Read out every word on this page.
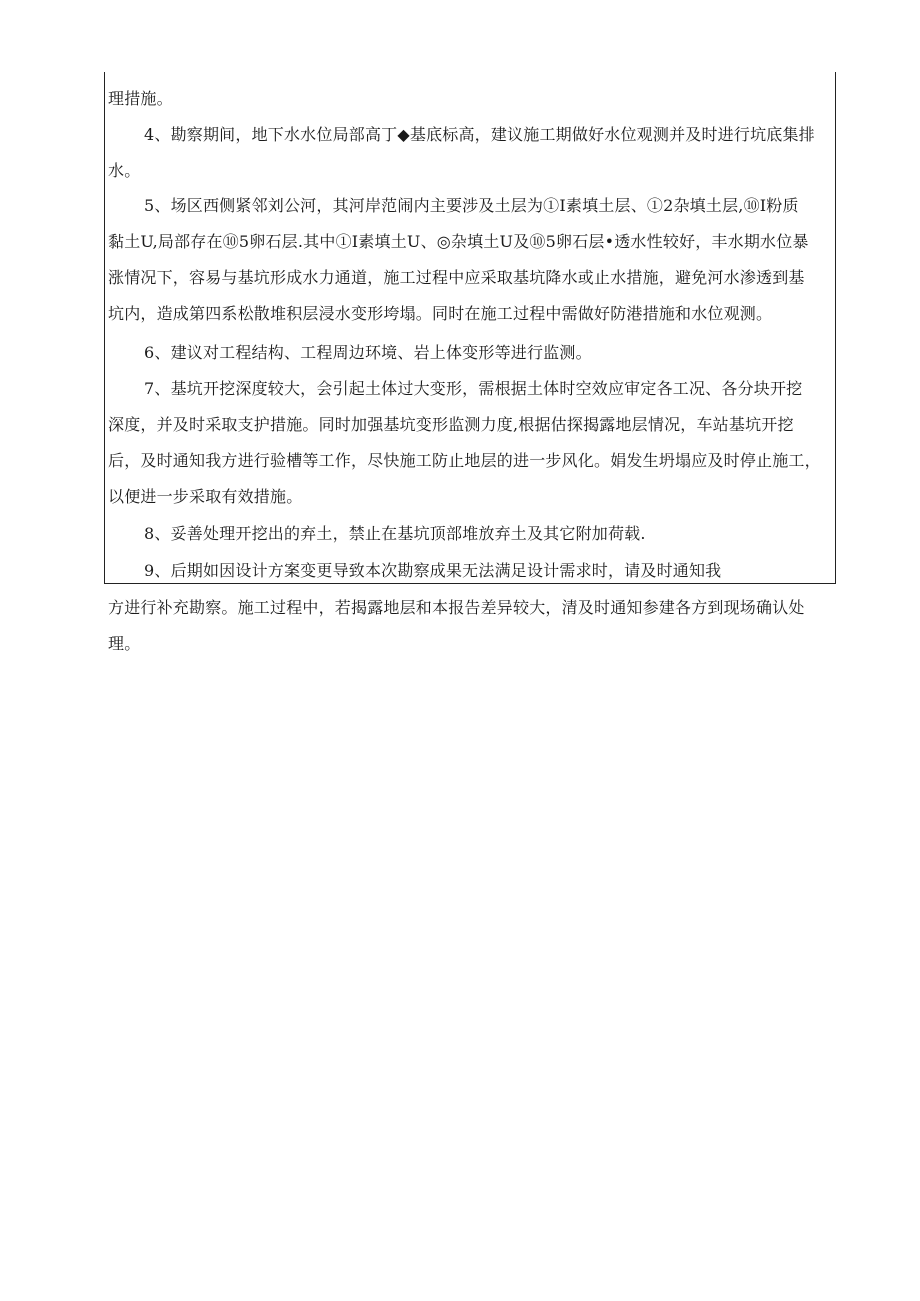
理措施。
4、勘察期间，地下水水位局部高丁◆基底标高，建议施工期做好水位观测并及时进行坑底集排
水。
5、场区西侧紧邻刘公河，其河岸范闹内主要涉及土层为①I素填土层、①2杂填土层,⑩I粉质
黏土U,局部存在⑩5卵石层.其中①I素填土U、◎杂填土U及⑩5卵石层•透水性较好，丰水期水位暴
涨情况下，容易与基坑形成水力通道，施工过程中应采取基坑降水或止水措施，避免河水渗透到基
坑内，造成第四系松散堆积层浸水变形垮塌。同时在施工过程中需做好防港措施和水位观测。
6、建议对工程结构、工程周边环境、岩上体变形等进行监测。
7、基坑开挖深度较大，会引起土体过大变形，需根据土体时空效应审定各工况、各分块开挖
深度，并及时采取支护措施。同时加强基坑变形监测力度,根据估探揭露地层情况，车站基坑开挖
后，及时通知我方进行验槽等工作，尽快施工防止地层的进一步风化。娟发生坍塌应及时停止施工，
以便进一步采取有效措施。
8、妥善处理开挖出的弃土，禁止在基坑顶部堆放弃土及其它附加荷载.
9、后期如因设计方案变更导致本次勘察成果无法满足设计需求时，请及时通知我
方进行补充勘察。施工过程中，若揭露地层和本报告差异较大，清及时通知参建各方到现场确认处
理。
